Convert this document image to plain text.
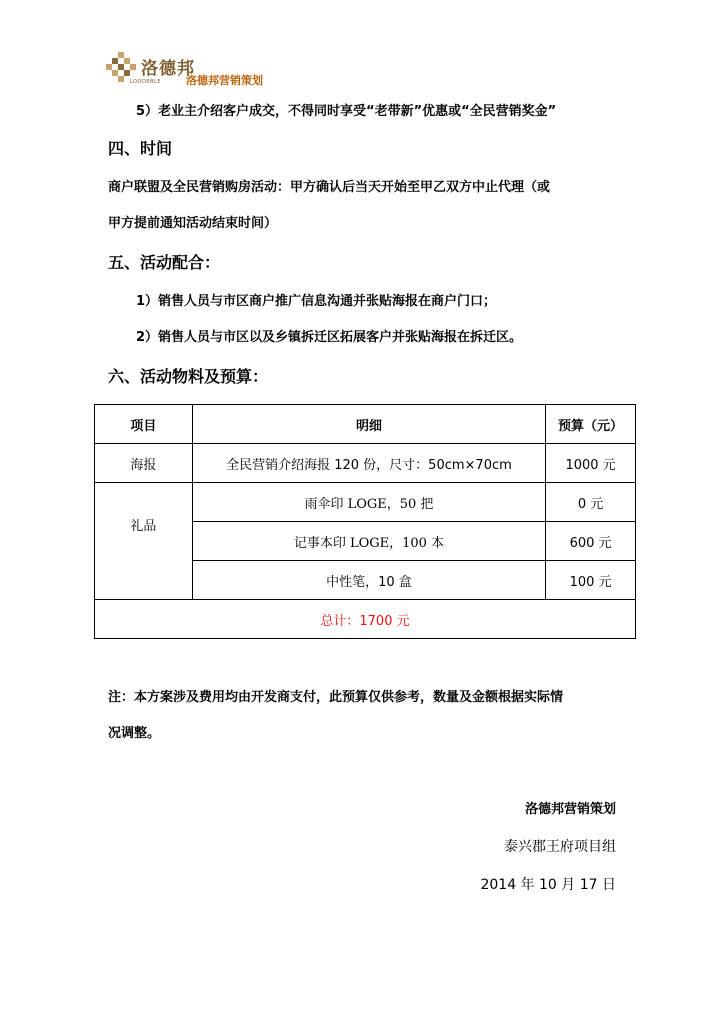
洛德邦
LOODEBLE 洛德邦营销策划
5）老业主介绍客户成交，不得同时享受“老带新”优惠或“全民营销奖金”
四、时间
商户联盟及全民营销购房活动：甲方确认后当天开始至甲乙双方中止代理（或
甲方提前通知活动结束时间）
五、活动配合：
1）销售人员与市区商户推广信息沟通并张贴海报在商户门口；
2）销售人员与市区以及乡镇拆迁区拓展客户并张贴海报在拆迁区。
六、活动物料及预算：
项目	明细	预算（元）
海报	全民营销介绍海报 120 份，尺寸：50cm×70cm	1000 元
礼品	雨伞印 LOGE，50 把	0 元
	记事本印 LOGE，100 本	600 元
	中性笔，10 盒	100 元
总计：1700 元		
注：本方案涉及费用均由开发商支付，此预算仅供参考，数量及金额根据实际情
况调整。
洛德邦营销策划
泰兴郡王府项目组
2014 年 10 月 17 日
